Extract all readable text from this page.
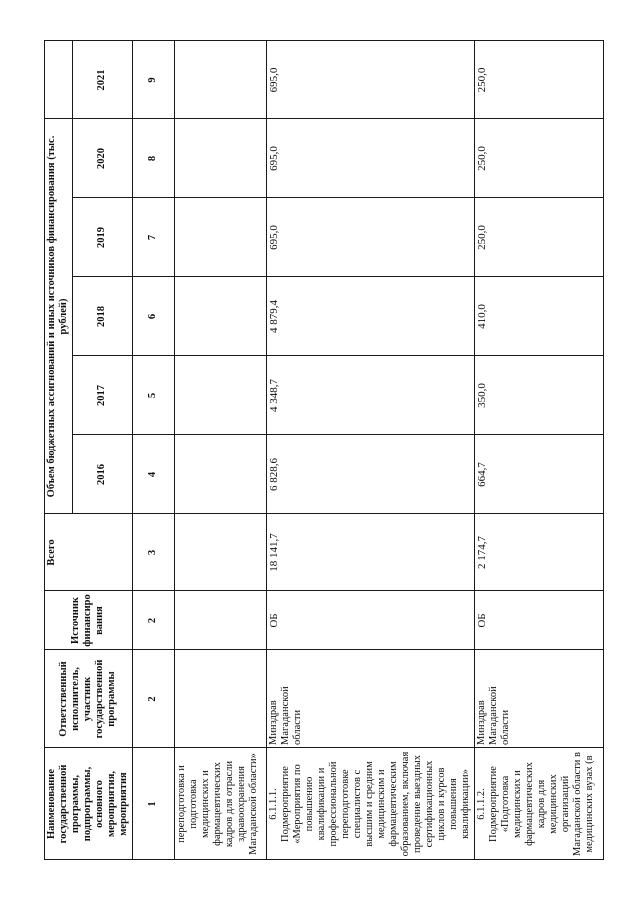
Наименование государственной программы, подпрограммы, основного мероприятия, мероприятия
Ответственный исполнитель, участник государственной программы
Источник финансирования
Всего
Объем бюджетных ассигнований и иных источников финансирования (тыс. рублей)
2016
2017
2018
2019
2020
2021
1
2
2
3
4
5
6
7
8
9
переподготовка и подготовка медицинских и фармацевтических кадров для отрасли здравоохранения Магаданской области» 6.1.1.1. Подмероприятие «Мероприятия по повышению квалификации и профессиональной переподготовке специалистов с высшим и средним медицинским и фармацевтическим образованием, включая проведение выездных сертификационных циклов и курсов повышения квалификации»
Минздрав Магаданской области
ОБ
18 141,7
6 828,6
4 348,7
4 879,4
695,0
695,0
695,0
6.1.1.2. Подмероприятие «Подготовка медицинских и фармацевтических кадров для медицинских организаций Магаданской области в медицинских вузах (в
Минздрав Магаданской области
ОБ
2 174,7
664,7
350,0
410,0
250,0
250,0
250,0
